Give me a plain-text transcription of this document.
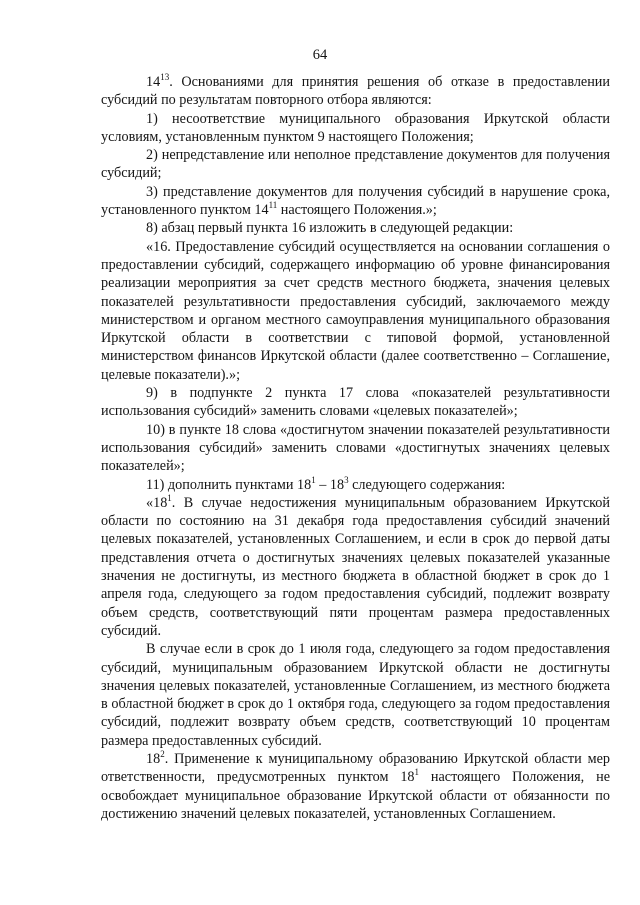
64

$14^{13}$. Основаниями для принятия решения об отказе в предоставлении субсидий по результатам повторного отбора являются:

1) несоответствие муниципального образования Иркутской области условиям, установленным пунктом 9 настоящего Положения;

2) непредставление или неполное представление документов для получения субсидий;

3) представление документов для получения субсидий в нарушение срока, установленного пунктом $14^{11}$ настоящего Положения.»;

8) абзац первый пункта 16 изложить в следующей редакции:

«16. Предоставление субсидий осуществляется на основании соглашения о предоставлении субсидий, содержащего информацию об уровне финансирования реализации мероприятия за счет средств местного бюджета, значения целевых показателей результативности предоставления субсидий, заключаемого между министерством и органом местного самоуправления муниципального образования Иркутской области в соответствии с типовой формой, установленной министерством финансов Иркутской области (далее соответственно – Соглашение, целевые показатели).»;

9) в подпункте 2 пункта 17 слова «показателей результативности использования субсидий» заменить словами «целевых показателей»;

10) в пункте 18 слова «достигнутом значении показателей результативности использования субсидий» заменить словами «достигнутых значениях целевых показателей»;

11) дополнить пунктами $18^1 - 18^3$ следующего содержания:

«$18^1$. В случае недостижения муниципальным образованием Иркутской области по состоянию на 31 декабря года предоставления субсидий значений целевых показателей, установленных Соглашением, и если в срок до первой даты представления отчета о достигнутых значениях целевых показателей указанные значения не достигнуты, из местного бюджета в областной бюджет в срок до 1 апреля года, следующего за годом предоставления субсидий, подлежит возврату объем средств, соответствующий пяти процентам размера предоставленных субсидий.

В случае если в срок до 1 июля года, следующего за годом предоставления субсидий, муниципальным образованием Иркутской области не достигнуты значения целевых показателей, установленные Соглашением, из местного бюджета в областной бюджет в срок до 1 октября года, следующего за годом предоставления субсидий, подлежит возврату объем средств, соответствующий 10 процентам размера предоставленных субсидий.

$18^2$. Применение к муниципальному образованию Иркутской области мер ответственности, предусмотренных пунктом $18^1$ настоящего Положения, не освобождает муниципальное образование Иркутской области от обязанности по достижению значений целевых показателей, установленных Соглашением.
